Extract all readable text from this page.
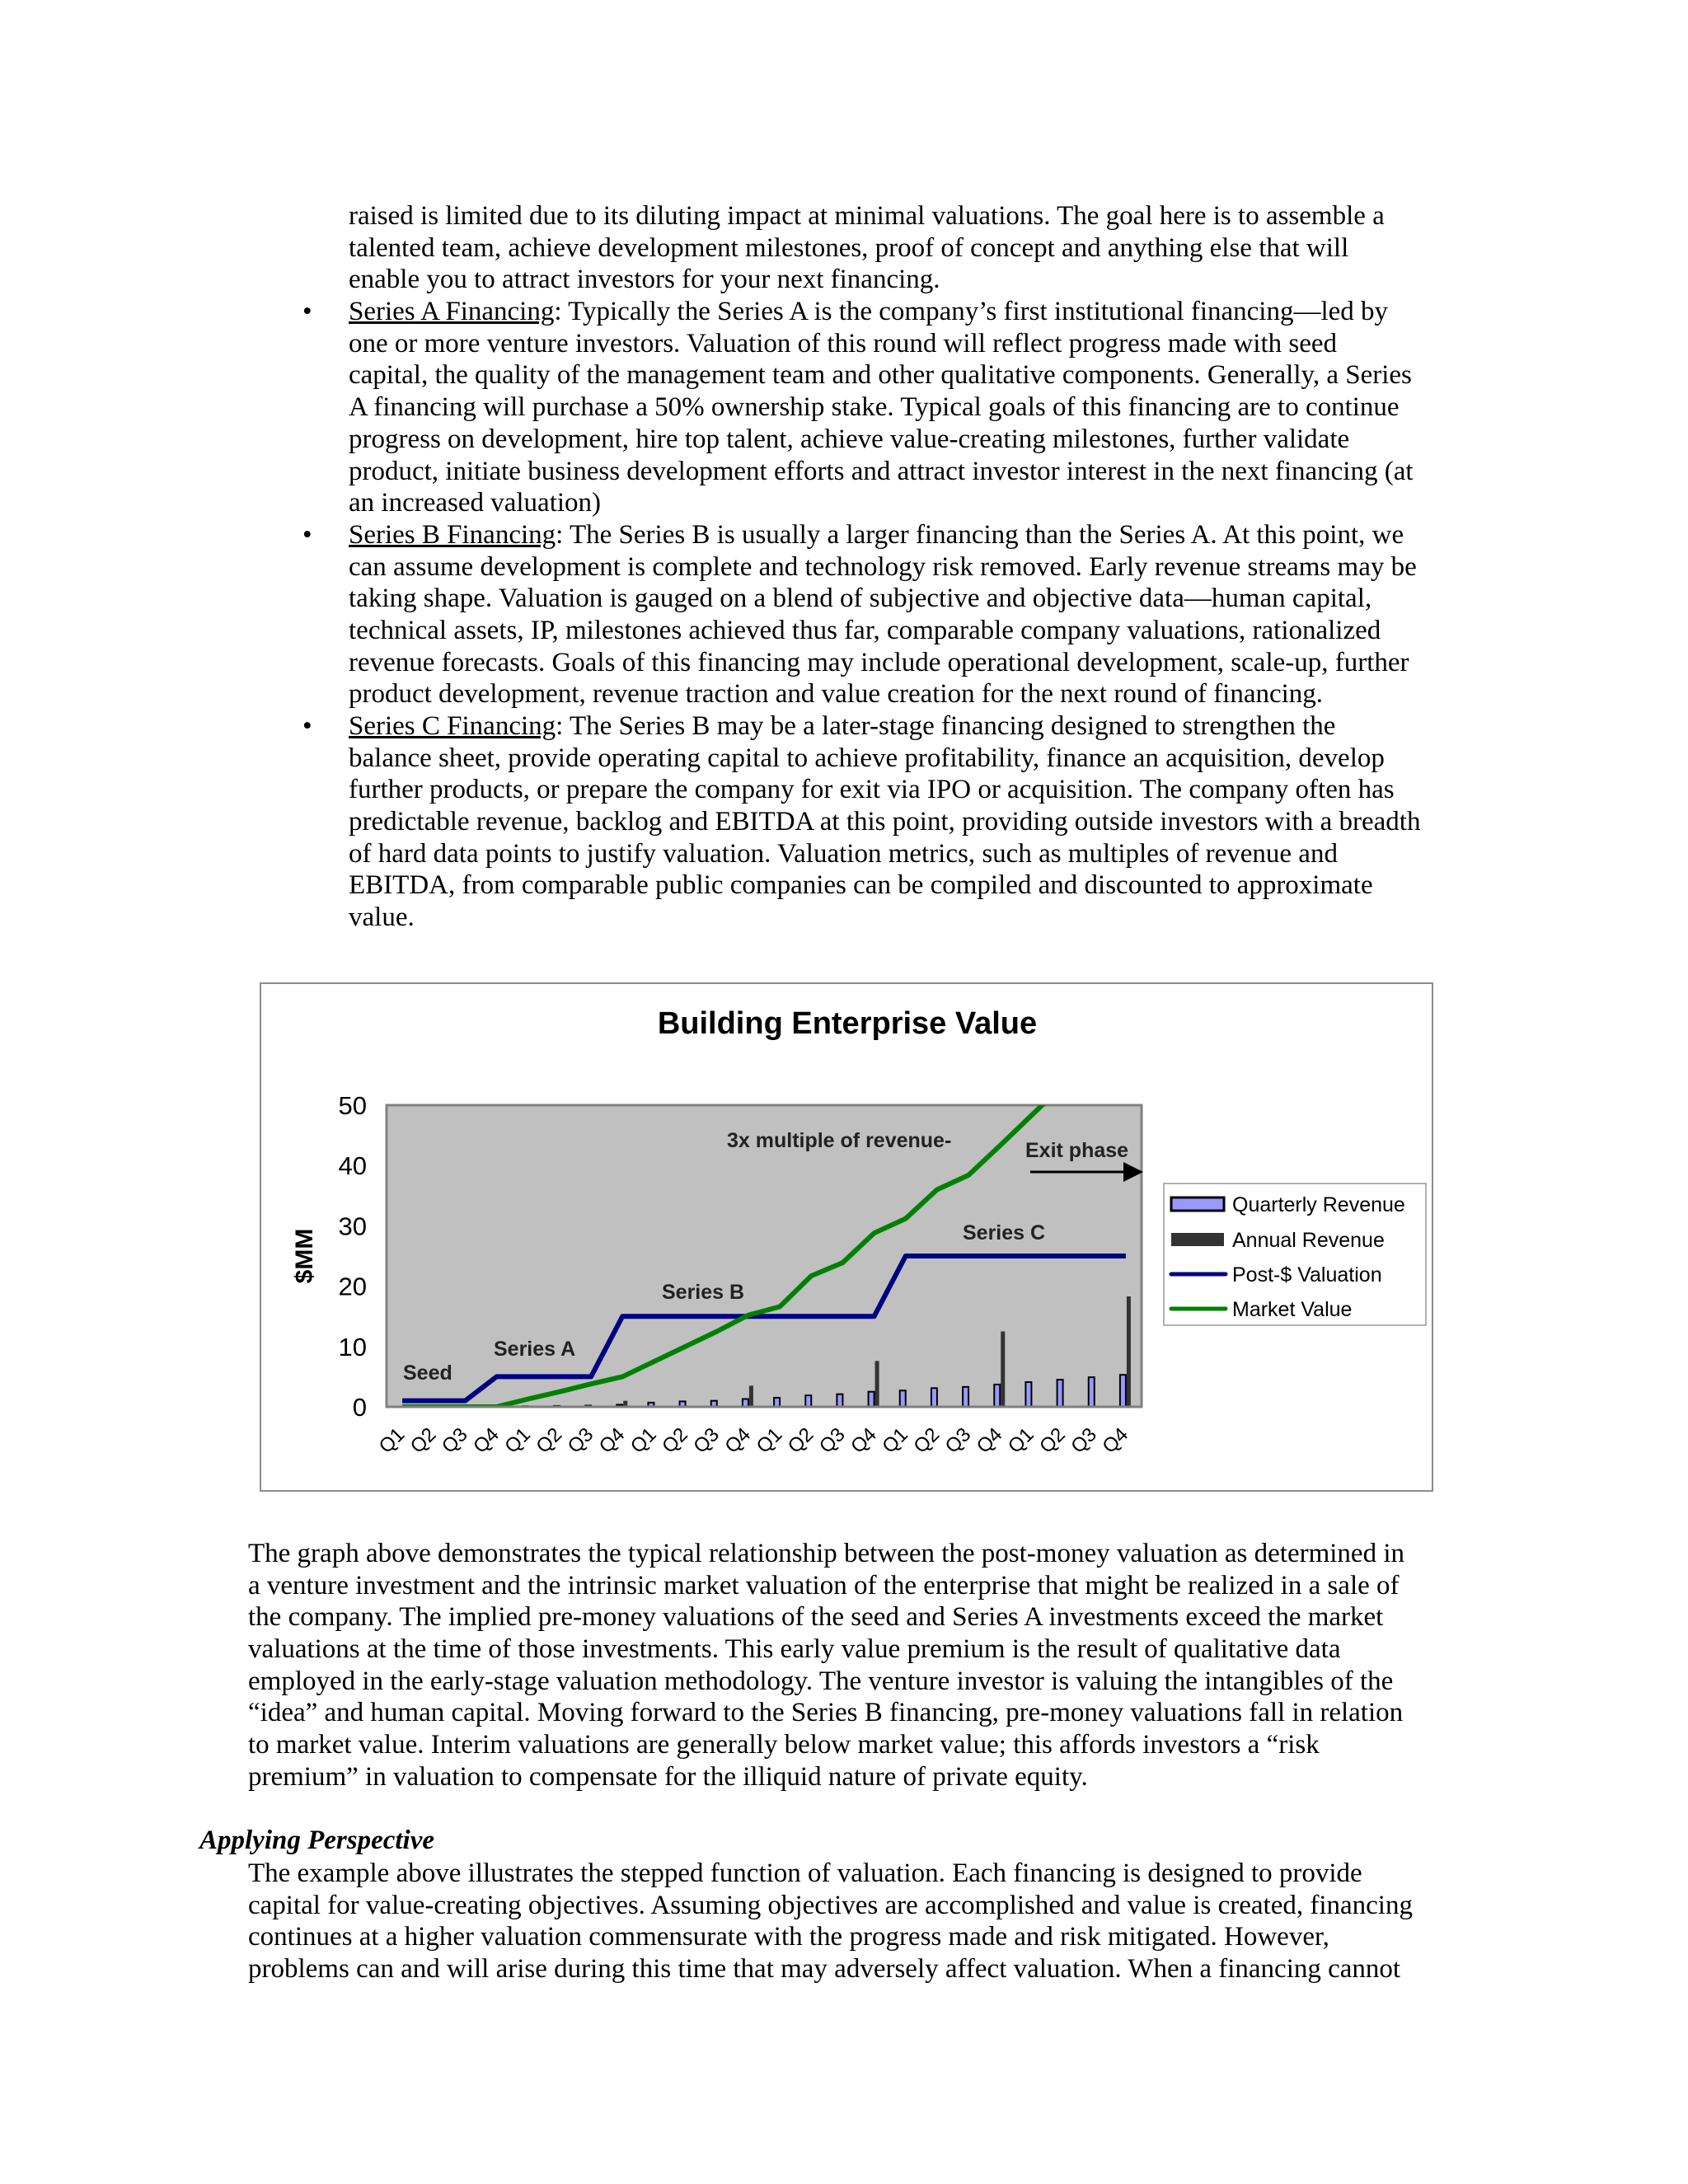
raised is limited due to its diluting impact at minimal valuations. The goal here is to assemble a
talented team, achieve development milestones, proof of concept and anything else that will
enable you to attract investors for your next financing.
• Series A Financing: Typically the Series A is the company’s first institutional financing—led by
one or more venture investors. Valuation of this round will reflect progress made with seed
capital, the quality of the management team and other qualitative components. Generally, a Series
A financing will purchase a 50% ownership stake. Typical goals of this financing are to continue
progress on development, hire top talent, achieve value-creating milestones, further validate
product, initiate business development efforts and attract investor interest in the next financing (at
an increased valuation)
• Series B Financing: The Series B is usually a larger financing than the Series A. At this point, we
can assume development is complete and technology risk removed. Early revenue streams may be
taking shape. Valuation is gauged on a blend of subjective and objective data—human capital,
technical assets, IP, milestones achieved thus far, comparable company valuations, rationalized
revenue forecasts. Goals of this financing may include operational development, scale-up, further
product development, revenue traction and value creation for the next round of financing.
• Series C Financing: The Series B may be a later-stage financing designed to strengthen the
balance sheet, provide operating capital to achieve profitability, finance an acquisition, develop
further products, or prepare the company for exit via IPO or acquisition. The company often has
predictable revenue, backlog and EBITDA at this point, providing outside investors with a breadth
of hard data points to justify valuation. Valuation metrics, such as multiples of revenue and
EBITDA, from comparable public companies can be compiled and discounted to approximate
value.
Building Enterprise Value
$MM
0
10
20
30
40
50
Q1
Q2
Q3
Q4
Q1
Q2
Q3
Q4
Q1
Q2
Q3
Q4
Q1
Q2
Q3
Q4
Q1
Q2
Q3
Q4
Q1
Q2
Q3
Q4
Seed
Series A
Series B
Series C
3x multiple of revenue-	Exit phase
Quarterly Revenue
Annual Revenue
Post-$ Valuation
Market Value
The graph above demonstrates the typical relationship between the post-money valuation as determined in
a venture investment and the intrinsic market valuation of the enterprise that might be realized in a sale of
the company. The implied pre-money valuations of the seed and Series A investments exceed the market
valuations at the time of those investments. This early value premium is the result of qualitative data
employed in the early-stage valuation methodology. The venture investor is valuing the intangibles of the
“idea” and human capital. Moving forward to the Series B financing, pre-money valuations fall in relation
to market value. Interim valuations are generally below market value; this affords investors a “risk
premium” in valuation to compensate for the illiquid nature of private equity.
Applying Perspective
The example above illustrates the stepped function of valuation. Each financing is designed to provide
capital for value-creating objectives. Assuming objectives are accomplished and value is created, financing
continues at a higher valuation commensurate with the progress made and risk mitigated. However,
problems can and will arise during this time that may adversely affect valuation. When a financing cannot
